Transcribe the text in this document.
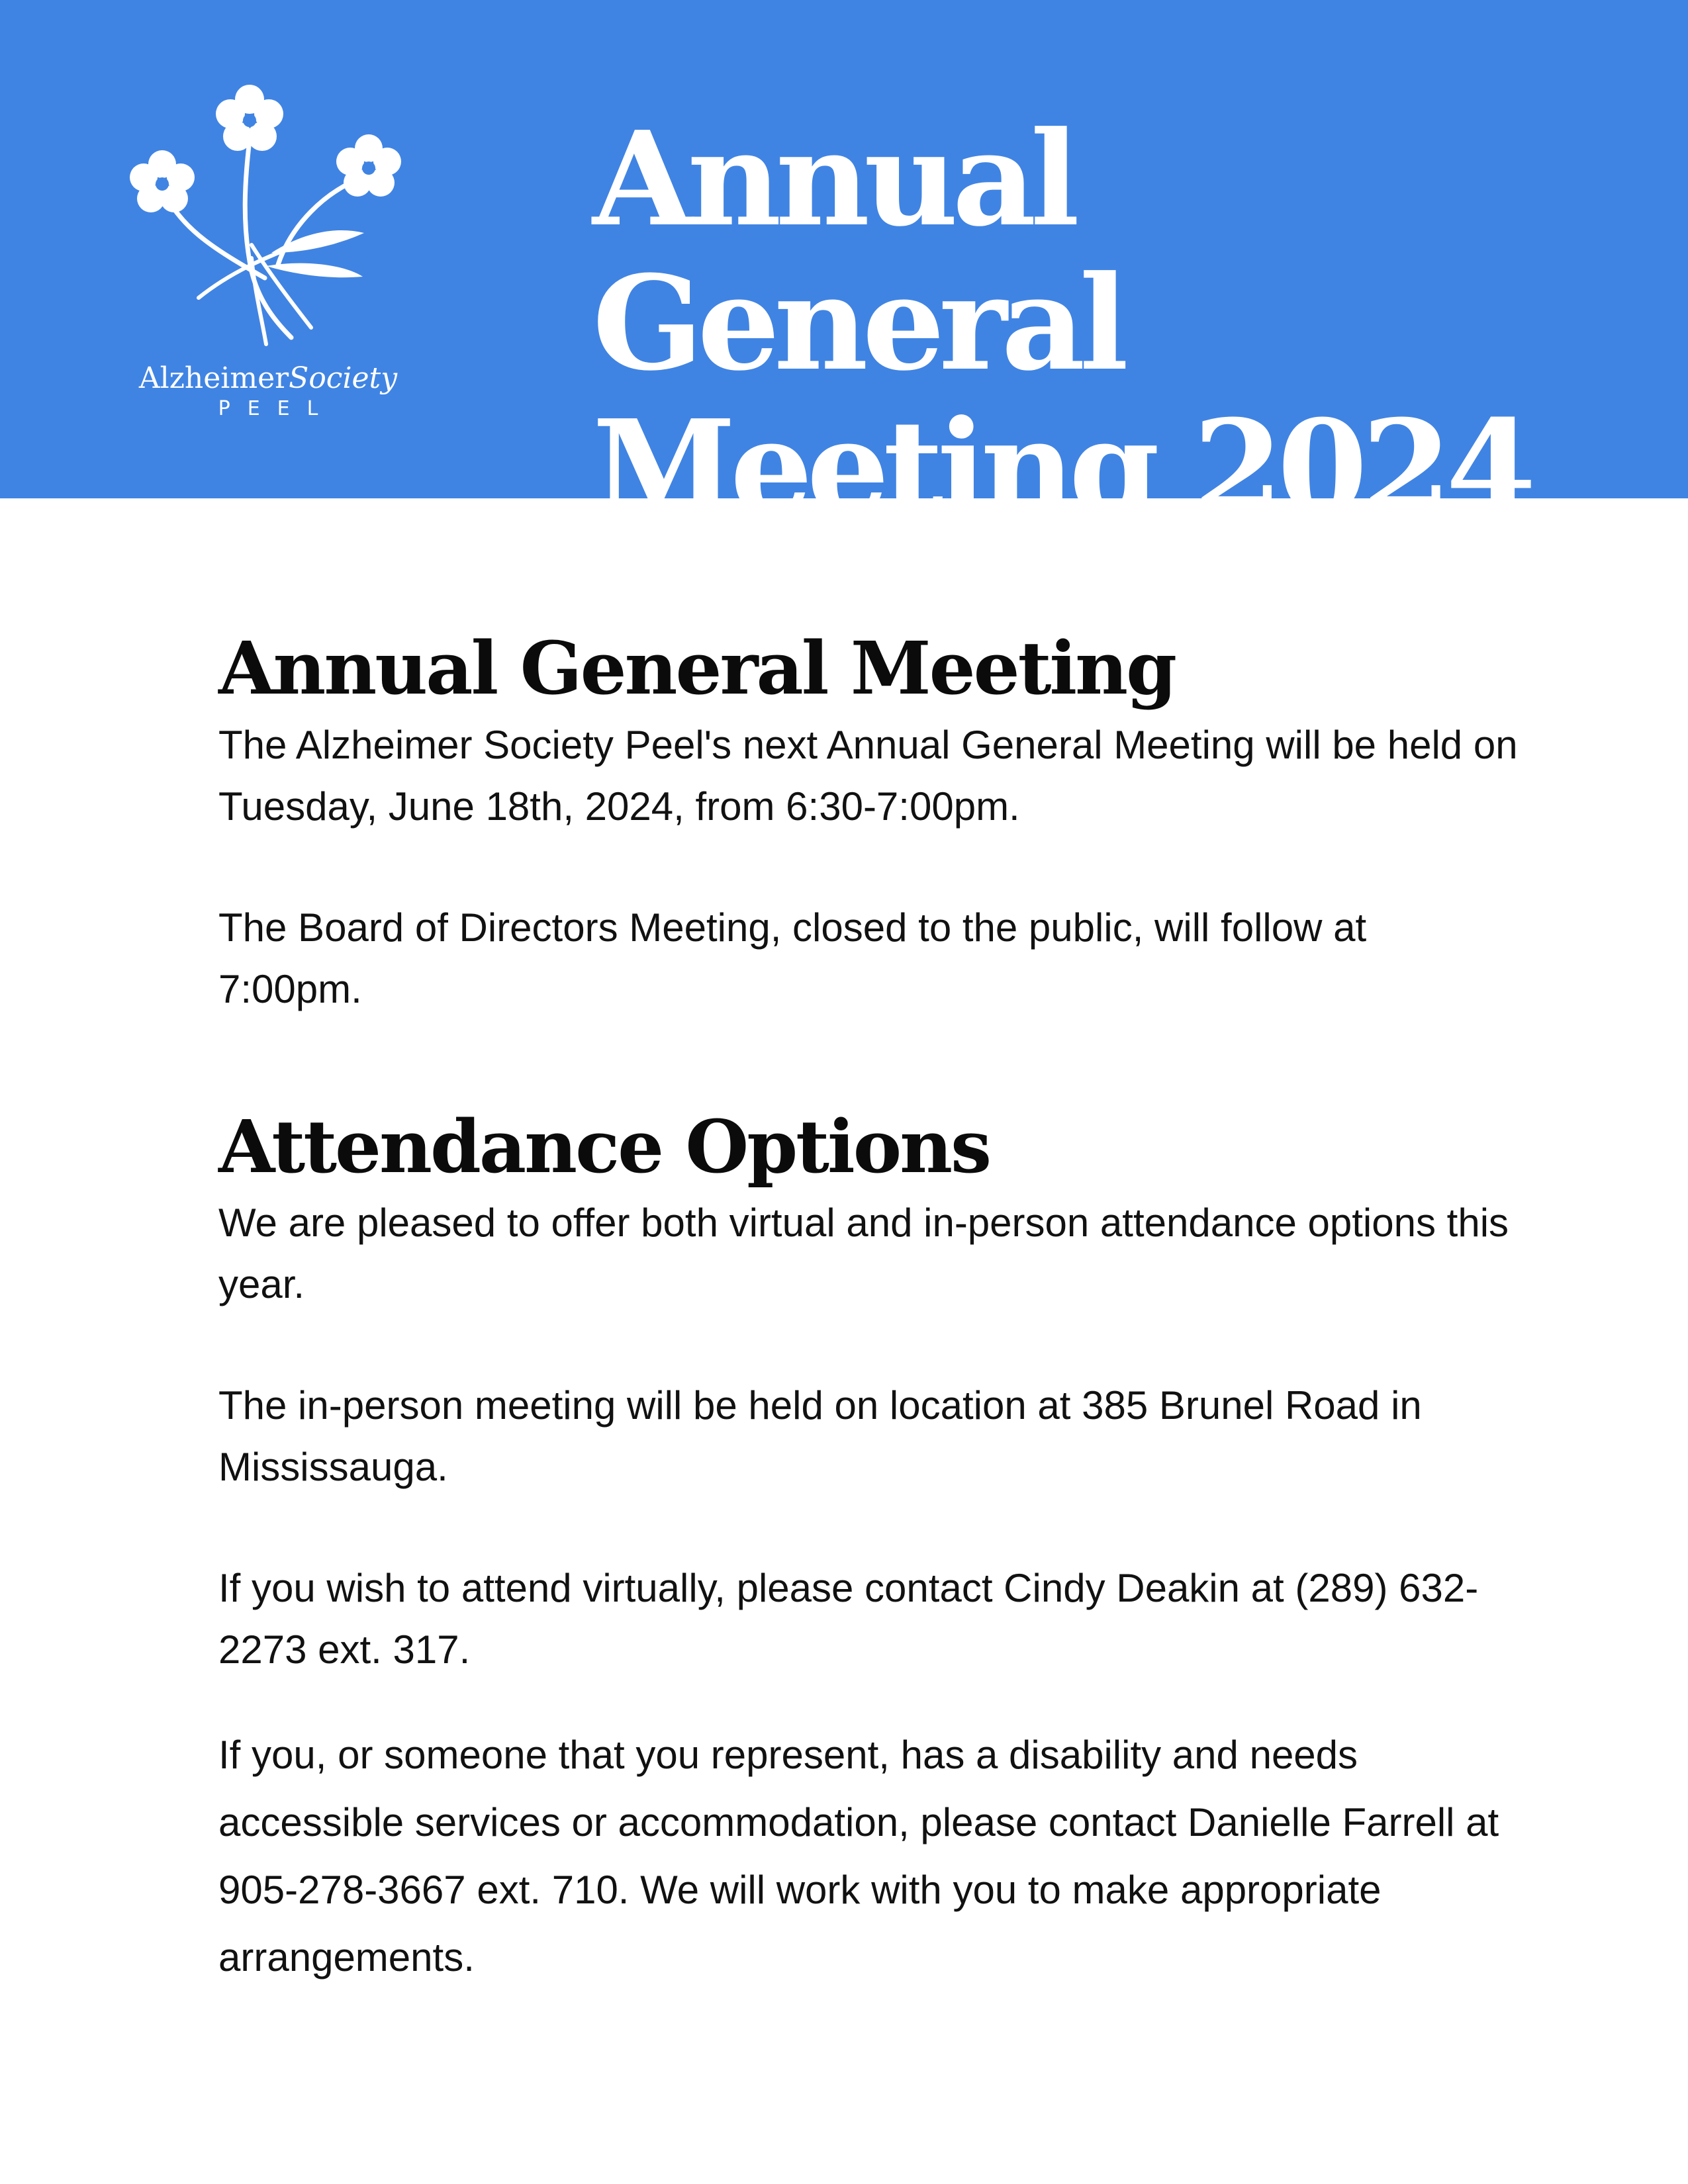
AlzheimerSociety
PEEL
Annual General
Meeting 2024
Annual General Meeting

The Alzheimer Society Peel's next Annual General Meeting will be held on Tuesday, June 18th, 2024, from 6:30-7:00pm.

The Board of Directors Meeting, closed to the public, will follow at 7:00pm.

Attendance Options

We are pleased to offer both virtual and in-person attendance options this year.

The in-person meeting will be held on location at 385 Brunel Road in Mississauga.

If you wish to attend virtually, please contact Cindy Deakin at (289) 632-2273 ext. 317.

If you, or someone that you represent, has a disability and needs accessible services or accommodation, please contact Danielle Farrell at 905-278-3667 ext. 710. We will work with you to make appropriate arrangements.
